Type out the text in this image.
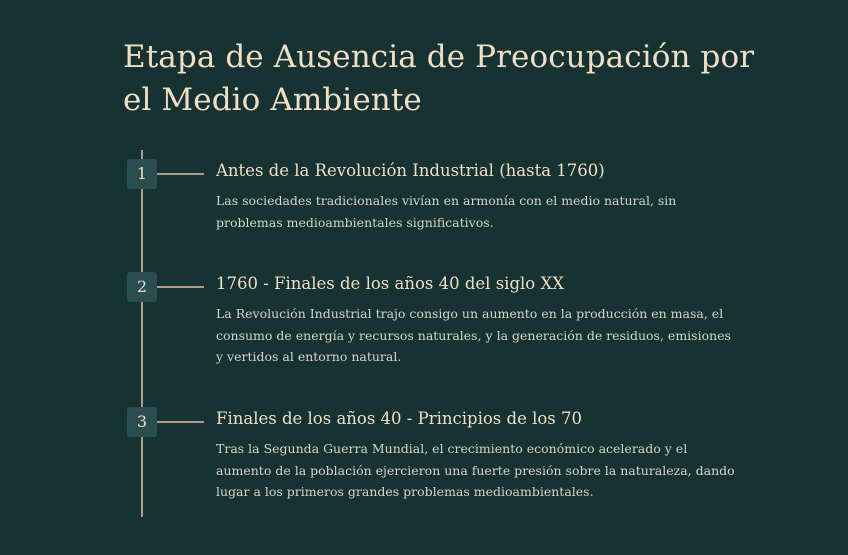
Etapa de Ausencia de Preocupación por el Medio Ambiente
1	Antes de la Revolución Industrial (hasta 1760)

Las sociedades tradicionales vivían en armonía con el medio natural, sin problemas medioambientales significativos.

2	1760 - Finales de los años 40 del siglo XX

La Revolución Industrial trajo consigo un aumento en la producción en masa, el consumo de energía y recursos naturales, y la generación de residuos, emisiones y vertidos al entorno natural.

3	Finales de los años 40 - Principios de los 70

Tras la Segunda Guerra Mundial, el crecimiento económico acelerado y el aumento de la población ejercieron una fuerte presión sobre la naturaleza, dando lugar a los primeros grandes problemas medioambientales.
